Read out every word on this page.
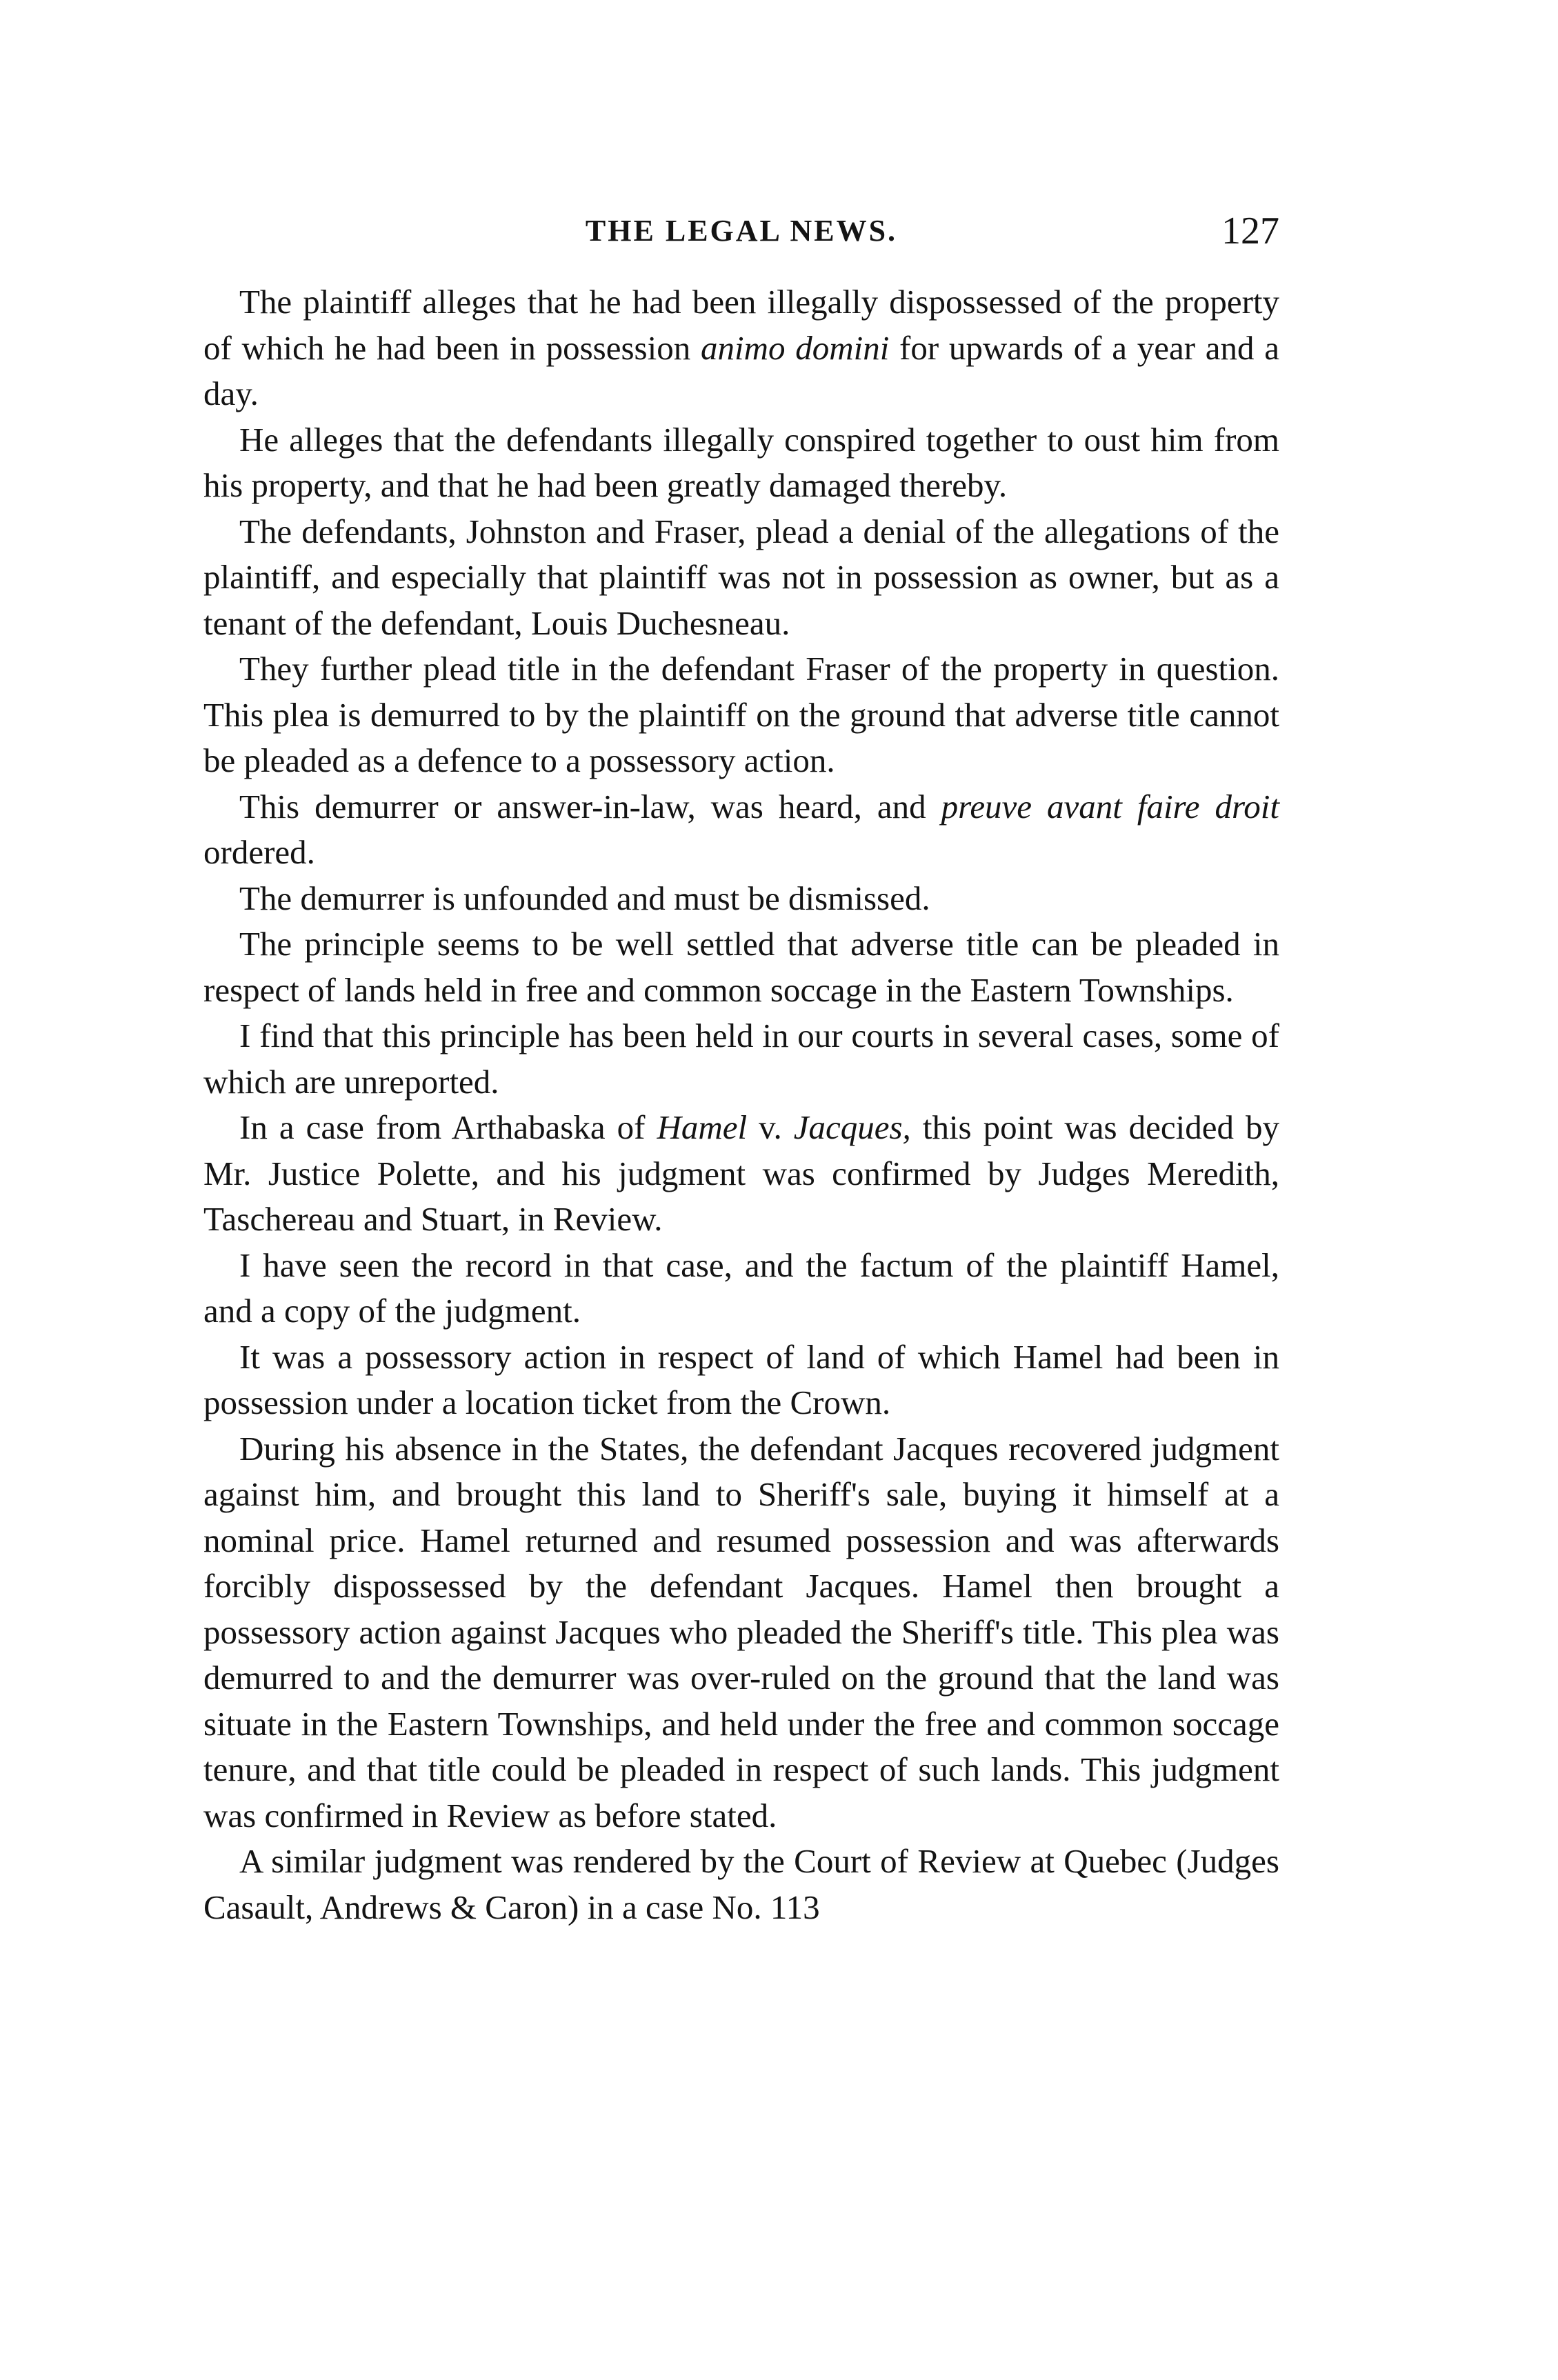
THE LEGAL NEWS.	127

The plaintiff alleges that he had been illegally dispossessed of the property of which he had been in possession animo domini for upwards of a year and a day.

He alleges that the defendants illegally conspired together to oust him from his property, and that he had been greatly damaged thereby.

The defendants, Johnston and Fraser, plead a denial of the allegations of the plaintiff, and especially that plaintiff was not in possession as owner, but as a tenant of the defendant, Louis Duchesneau.

They further plead title in the defendant Fraser of the property in question. This plea is demurred to by the plaintiff on the ground that adverse title cannot be pleaded as a defence to a possessory action.

This demurrer or answer-in-law, was heard, and preuve avant faire droit ordered.

The demurrer is unfounded and must be dismissed.

The principle seems to be well settled that adverse title can be pleaded in respect of lands held in free and common soccage in the Eastern Townships.

I find that this principle has been held in our courts in several cases, some of which are unreported.

In a case from Arthabaska of Hamel v. Jacques, this point was decided by Mr. Justice Polette, and his judgment was confirmed by Judges Meredith, Taschereau and Stuart, in Review.

I have seen the record in that case, and the factum of the plaintiff Hamel, and a copy of the judgment.

It was a possessory action in respect of land of which Hamel had been in possession under a location ticket from the Crown.

During his absence in the States, the defendant Jacques recovered judgment against him, and brought this land to Sheriff's sale, buying it himself at a nominal price. Hamel returned and resumed possession and was afterwards forcibly dispossessed by the defendant Jacques. Hamel then brought a possessory action against Jacques who pleaded the Sheriff's title. This plea was demurred to and the demurrer was over-ruled on the ground that the land was situate in the Eastern Townships, and held under the free and common soccage tenure, and that title could be pleaded in respect of such lands. This judgment was confirmed in Review as before stated.

A similar judgment was rendered by the Court of Review at Quebec (Judges Casault, Andrews & Caron) in a case No. 113
